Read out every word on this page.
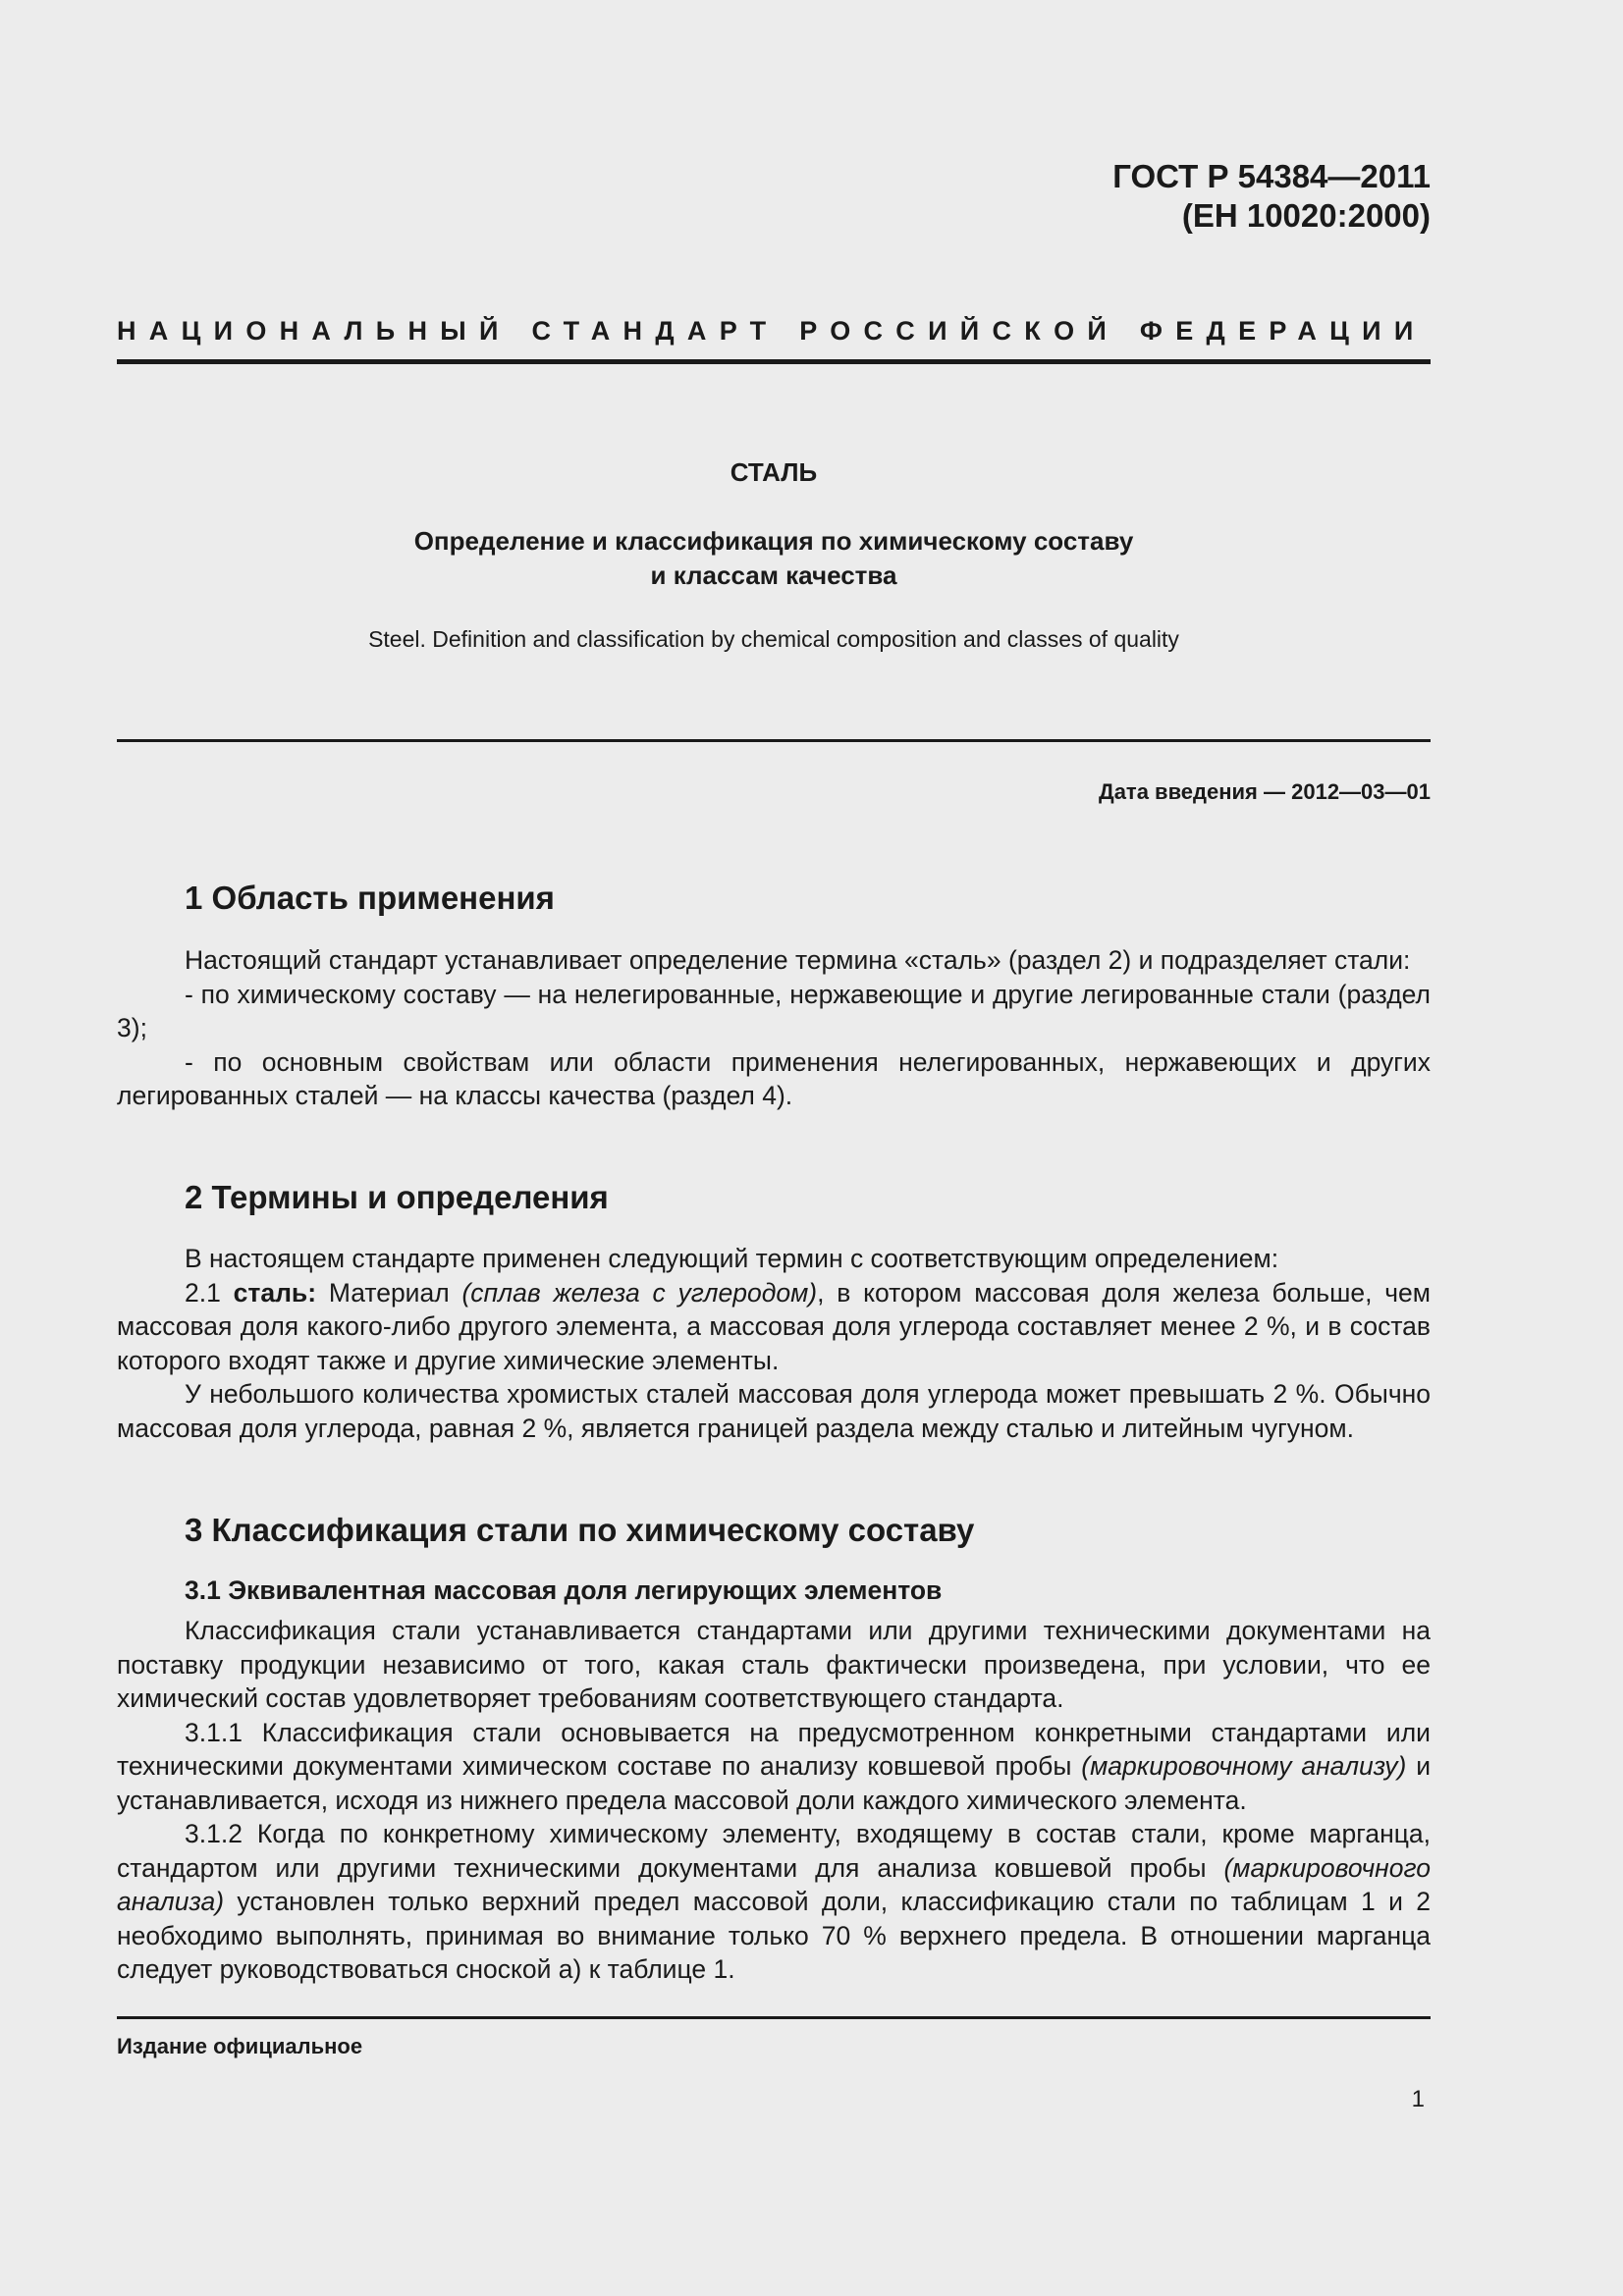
ГОСТ Р 54384—2011
(ЕН 10020:2000)
НАЦИОНАЛЬНЫЙ СТАНДАРТ РОССИЙСКОЙ ФЕДЕРАЦИИ
СТАЛЬ
Определение и классификация по химическому составу
и классам качества
Steel. Definition and classification by chemical composition and classes of quality
Дата введения — 2012—03—01
1 Область применения

Настоящий стандарт устанавливает определение термина «сталь» (раздел 2) и подразделяет стали:

- по химическому составу — на нелегированные, нержавеющие и другие легированные стали (раздел 3);

- по основным свойствам или области применения нелегированных, нержавеющих и других легированных сталей — на классы качества (раздел 4).

2 Термины и определения

В настоящем стандарте применен следующий термин с соответствующим определением:

2.1 сталь: Материал (сплав железа с углеродом), в котором массовая доля железа больше, чем массовая доля какого-либо другого элемента, а массовая доля углерода составляет менее 2 %, и в состав которого входят также и другие химические элементы.

У небольшого количества хромистых сталей массовая доля углерода может превышать 2 %. Обычно массовая доля углерода, равная 2 %, является границей раздела между сталью и литейным чугуном.

3 Классификация стали по химическому составу
3.1 Эквивалентная массовая доля легирующих элементов

Классификация стали устанавливается стандартами или другими техническими документами на поставку продукции независимо от того, какая сталь фактически произведена, при условии, что ее химический состав удовлетворяет требованиям соответствующего стандарта.

3.1.1 Классификация стали основывается на предусмотренном конкретными стандартами или техническими документами химическом составе по анализу ковшевой пробы (маркировочному анализу) и устанавливается, исходя из нижнего предела массовой доли каждого химического элемента.

3.1.2 Когда по конкретному химическому элементу, входящему в состав стали, кроме марганца, стандартом или другими техническими документами для анализа ковшевой пробы (маркировочного анализа) установлен только верхний предел массовой доли, классификацию стали по таблицам 1 и 2 необходимо выполнять, принимая во внимание только 70 % верхнего предела. В отношении марганца следует руководствоваться сноской а) к таблице 1.

Издание официальное
1
